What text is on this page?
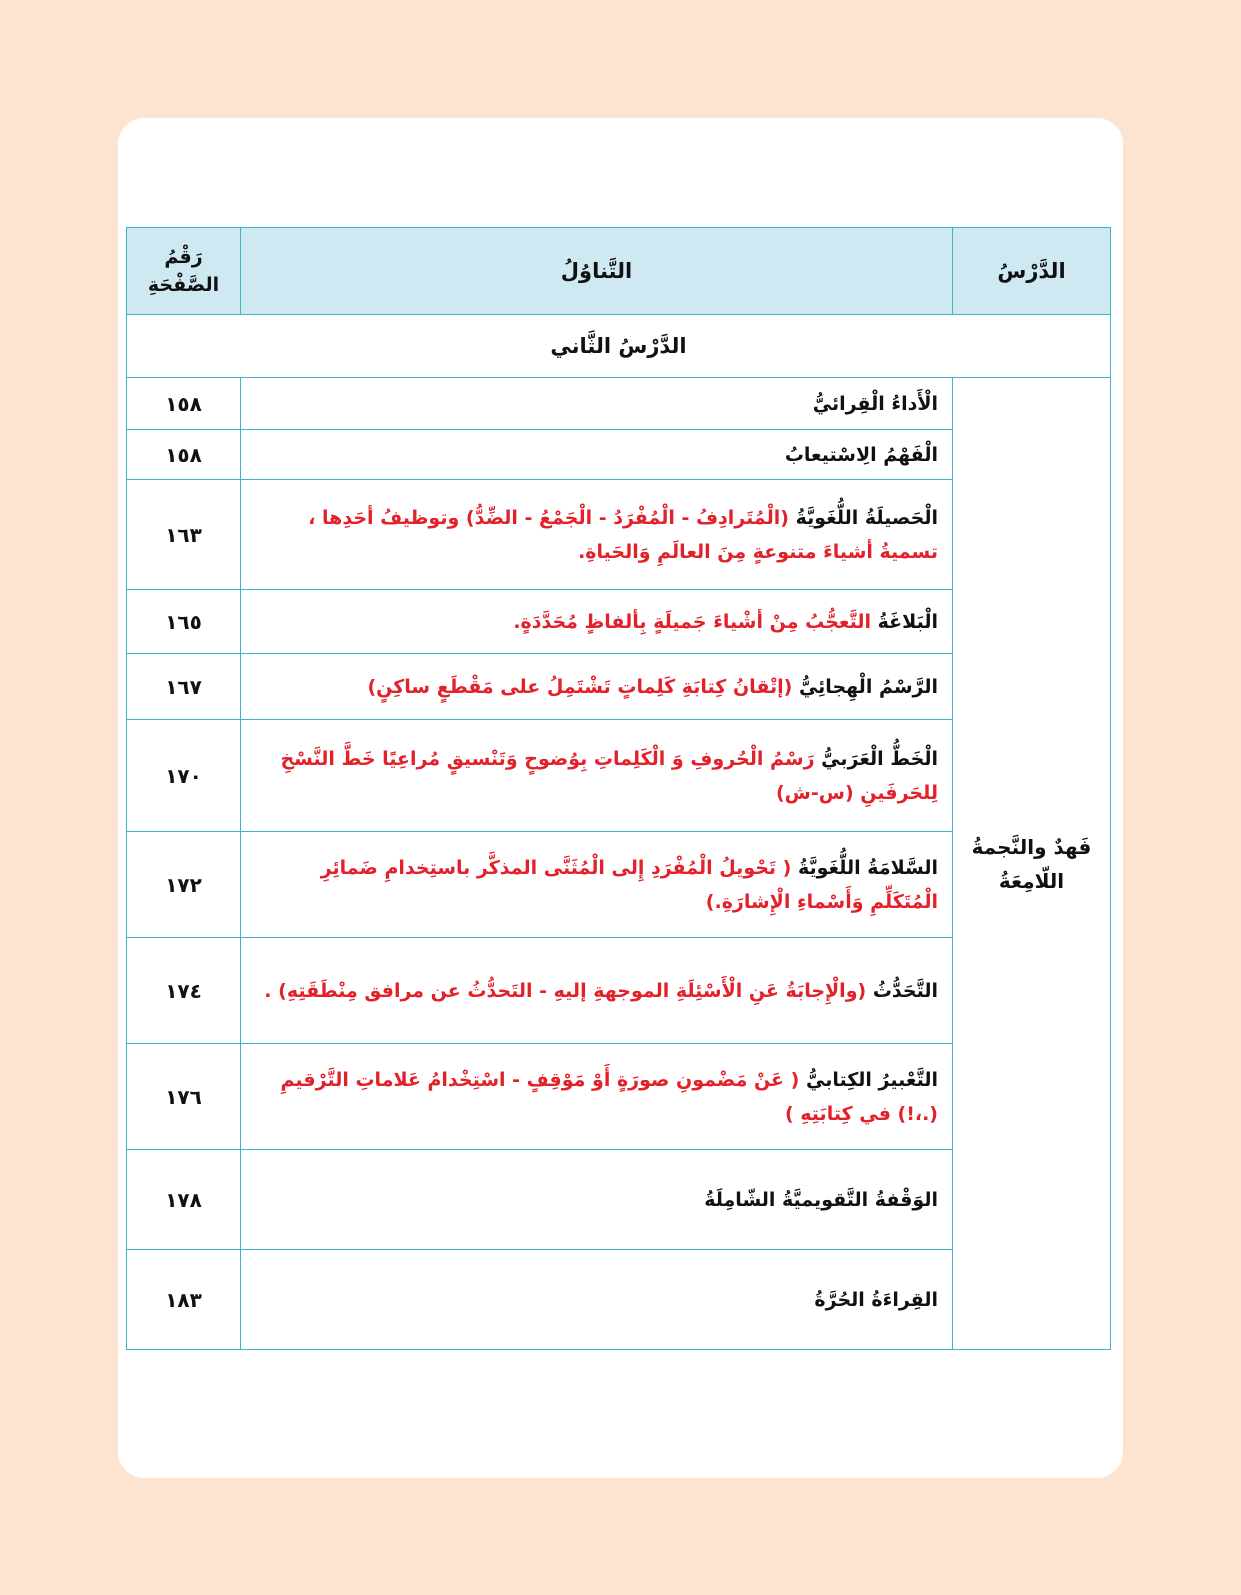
الدَّرْسُ	التَّناوُلُ	رَقْمُ
الصَّفْحَةِ
الدَّرْسُ الثَّاني		
فَهدٌ والنَّجمةُ
اللّامِعَةُ	الْأَداءُ الْقِرائيُّ	١٥٨
	الْفَهْمُ الِاسْتيعابُ	١٥٨
	الْحَصيلَةُ اللُّغَويَّةُ (الْمُتَرادِفُ - الْمُفْرَدُ - الْجَمْعُ - الضِّدُّ) وتوظيفُ أحَدِها ، تسميةُ أشياءَ متنوعةٍ مِنَ العالَمِ وَالحَياةِ.	١٦٣
	الْبَلاغَةُ التَّعجُّبُ مِنْ أشْياءَ جَميلَةٍ بِألفاظٍ مُحَدَّدَةٍ.	١٦٥
	الرَّسْمُ الْهِجائِيُّ (إتْقانُ كِتابَةِ كَلِماتٍ تَشْتَمِلُ على مَقْطَعٍ ساكِنٍ)	١٦٧
	الْخَطُّ الْعَرَبيُّ رَسْمُ الْحُروفِ وَ الْكَلِماتِ بِوُضوحٍ وَتَنْسيقٍ مُراعِيًا خَطَّ النَّسْخِ لِلحَرفَينِ (س-ش)	١٧٠
	السَّلامَةُ اللُّغَويَّةُ ( تَحْويلُ الْمُفْرَدِ إِلى الْمُثَنَّى المذكَّر باستِخدامِ ضَمائِرِ الْمُتَكَلِّمِ وَأَسْماءِ الْإِشارَةِ.)	١٧٢
	التَّحَدُّثُ (والْإِجابَةُ عَنِ الْأَسْئِلَةِ الموجهةِ إليهِ - التَحدُّثُ عن مرافق مِنْطَقَتِهِ) .	١٧٤
	التَّعْبيرُ الكِتابيُّ ( عَنْ مَضْمونِ صورَةٍ أَوْ مَوْقِفٍ - اسْتِخْدامُ عَلاماتِ التَّرْقيمِ (.،!) في كِتابَتِهِ )	١٧٦
	الوَقْفةُ التَّقويميَّةُ الشّامِلَةُ	١٧٨
	القِراءَةُ الحُرَّةُ	١٨٣
